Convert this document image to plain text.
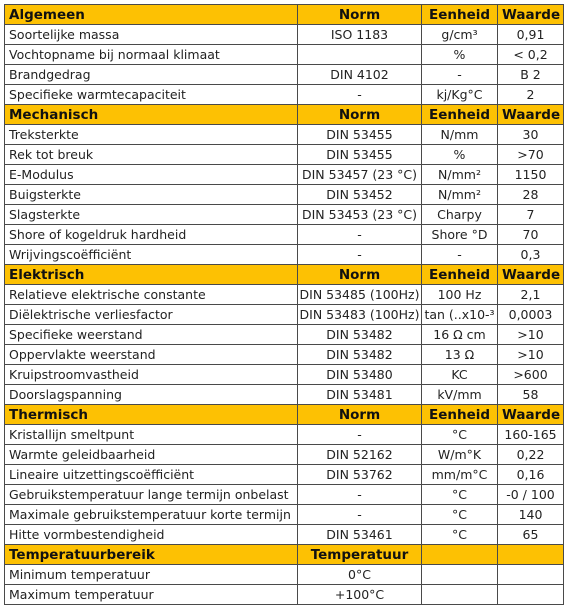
Algemeen	Norm	Eenheid	Waarde
Soortelijke massa	ISO 1183	g/cm³	0,91
Vochtopname bij normaal klimaat		%	< 0,2
Brandgedrag	DIN 4102	-	B 2
Specifieke warmtecapaciteit	-	kj/Kg°C	2
Mechanisch	Norm	Eenheid	Waarde
Treksterkte	DIN 53455	N/mm	30
Rek tot breuk	DIN 53455	%	>70
E-Modulus	DIN 53457 (23 °C)	N/mm²	1150
Buigsterkte	DIN 53452	N/mm²	28
Slagsterkte	DIN 53453 (23 °C)	Charpy	7
Shore of kogeldruk hardheid	-	Shore °D	70
Wrijvingscoëfficiënt	-	-	0,3
Elektrisch	Norm	Eenheid	Waarde
Relatieve elektrische constante	DIN 53485 (100Hz)	100 Hz	2,1
Diëlektrische verliesfactor	DIN 53483 (100Hz)	tan (..x10-³	0,0003
Specifieke weerstand	DIN 53482	16 Ω cm	>10
Oppervlakte weerstand	DIN 53482	13 Ω	>10
Kruipstroomvastheid	DIN 53480	KC	>600
Doorslagspanning	DIN 53481	kV/mm	58
Thermisch	Norm	Eenheid	Waarde
Kristallijn smeltpunt	-	°C	160-165
Warmte geleidbaarheid	DIN 52162	W/m°K	0,22
Lineaire uitzettingscoëfficiënt	DIN 53762	mm/m°C	0,16
Gebruikstemperatuur lange termijn onbelast	-	°C	-0 / 100
Maximale gebruikstemperatuur korte termijn	-	°C	140
Hitte vormbestendigheid	DIN 53461	°C	65
Temperatuurbereik	Temperatuur		
Minimum temperatuur	0°C		
Maximum temperatuur	+100°C		
